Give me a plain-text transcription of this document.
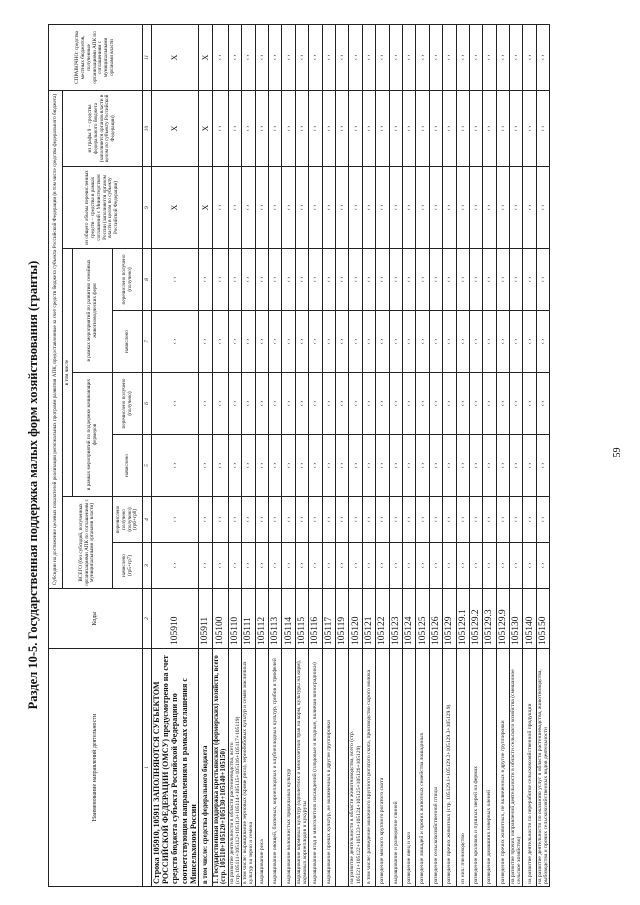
59
Раздел 10-5. Государственная поддержка малых форм хозяйствования (гранты)
Наименование направлений деятельности	Коды	Субсидии на достижение целевых показателей реализации региональных программ развития АПК, предоставленные за счет средств бюджета субъекта Российской Федерации (в том числе средства федерального бюджета)								СПРАВОЧНО: средства местных бюджетов, полученные организациями АПК по соглашениям с муниципальными органами власти
		ВСЕГО (без субсидий, полученных организациями АПК по соглашениям с муниципальными органами власти)		в том числе				из общего объема перечисленных средств – средства в рамках соглашений с Министерством России (заполняется органом власти в целом по субъекту Российской Федерации)	из графы 9 – средства федерального бюджета (заполняется органом власти в целом по субъекту Российской Федерации)	
				в рамках мероприятий по поддержке начинающих фермеров		в рамках мероприятий по развитию семейных животноводческих ферм				
		начислено (гр5+гр7)	перечислено получено (получено) (гр6+гр8)	начислено	перечислено получено (получено)	начислено	перечислено получено (получено)			
1	2	3	4	5	6	7	8	9	10	11
Строка 105910, 105911 ЗАПОЛНЯЮТСЯ СУБЪЕКТОМ РОССИЙСКОЙ ФЕДЕРАЦИИ (ОМСУ) предусмотрено на счет средств бюджета субъекта Российской Федерации по соответствующим направлениям в рамках соглашения с Минсельхозом России	105910	‹ ›	‹ ›	‹ ›	‹ ›	‹ ›	‹ ›	X	X	X
в том числе: средства федерального бюджета	105911	‹ ›	‹ ›	‹ ›	‹ ›	‹ ›	‹ ›	X	X	X
1. Государственная поддержка крестьянских (фермерских) хозяйств, всего (стр. 105110+105120+105130+105140+105150)	105100	‹ ›	‹ ›	‹ ›	‹ ›	‹ ›	‹ ›	‹ ›	‹ ›	‹ ›
на развитие деятельности в области растениеводства, всего (стр.105111+105112+105113+105114+105115+105116+105117+105119)	105110	‹ ›	‹ ›	‹ ›	‹ ›	‹ ›	‹ ›	‹ ›	‹ ›	‹ ›
в том числе: выращивание зерновых (кроме риса), зернобобовых культур и семян масличных культур на зерно и семена	105111	‹ ›	‹ ›	‹ ›	‹ ›	‹ ›	‹ ›	‹ ›	‹ ›	‹ ›
выращивание риса	105112	‹ ›	‹ ›	‹ ›	‹ ›	‹ ›	‹ ›	‹ ›	‹ ›	‹ ›
выращивание овощей, бахчевых, корнеплодных и клубнеплодных культур, грибов и трюфелей	105113	‹ ›	‹ ›	‹ ›	‹ ›	‹ ›	‹ ›	‹ ›	‹ ›	‹ ›
выращивание волокнистых прядильных культур	105114	‹ ›	‹ ›	‹ ›	‹ ›	‹ ›	‹ ›	‹ ›	‹ ›	‹ ›
выращивание кормовых культур (однолетних и многолетних трав на корм, культуры на корм), кормовых корнеплодов и кукурузы	105115	‹ ›	‹ ›	‹ ›	‹ ›	‹ ›	‹ ›	‹ ›	‹ ›	‹ ›
выращивание ягод и многолетних насаждений (плодовые и ягодные, включая виноградники)	105116	‹ ›	‹ ›	‹ ›	‹ ›	‹ ›	‹ ›	‹ ›	‹ ›	‹ ›
выращивание прочих культур, не включенных в другие группировки	105117	‹ ›	‹ ›	‹ ›	‹ ›	‹ ›	‹ ›	‹ ›	‹ ›	‹ ›
	105119	‹ ›	‹ ›	‹ ›	‹ ›	‹ ›	‹ ›	‹ ›	‹ ›	‹ ›
на развитие деятельности в области животноводства, всего (стр. 105121+105122+105123+105124+105125+105126+105129)	105120	‹ ›	‹ ›	‹ ›	‹ ›	‹ ›	‹ ›	‹ ›	‹ ›	‹ ›
в том числе: разведение молочного крупного рогатого скота, производство сырого молока	105121	‹ ›	‹ ›	‹ ›	‹ ›	‹ ›	‹ ›	‹ ›	‹ ›	‹ ›
разведение мясного крупного рогатого скота	105122	‹ ›	‹ ›	‹ ›	‹ ›	‹ ›	‹ ›	‹ ›	‹ ›	‹ ›
выращивание и разведение свиней	105123	‹ ›	‹ ›	‹ ›	‹ ›	‹ ›	‹ ›	‹ ›	‹ ›	‹ ›
разведение овец и коз	105124	‹ ›	‹ ›	‹ ›	‹ ›	‹ ›	‹ ›	‹ ›	‹ ›	‹ ›
разведение лошадей и прочих животных семейства лошадиных	105125	‹ ›	‹ ›	‹ ›	‹ ›	‹ ›	‹ ›	‹ ›	‹ ›	‹ ›
разведение сельскохозяйственной птицы	105126	‹ ›	‹ ›	‹ ›	‹ ›	‹ ›	‹ ›	‹ ›	‹ ›	‹ ›
разведение прочих животных (стр. 105129.1+105129.2+105129.3+105129.9)	105129	‹ ›	‹ ›	‹ ›	‹ ›	‹ ›	‹ ›	‹ ›	‹ ›	‹ ›
из них: пчеловодство	105129.1	‹ ›	‹ ›	‹ ›	‹ ›	‹ ›	‹ ›	‹ ›	‹ ›	‹ ›
разведение кроликов и пушных зверей на фермах	105129.2	‹ ›	‹ ›	‹ ›	‹ ›	‹ ›	‹ ›	‹ ›	‹ ›	‹ ›
разведение домашних северных оленей	105129.3	‹ ›	‹ ›	‹ ›	‹ ›	‹ ›	‹ ›	‹ ›	‹ ›	‹ ›
разведение прочих животных, не включенных в другие группировки	105129.9	‹ ›	‹ ›	‹ ›	‹ ›	‹ ›	‹ ›	‹ ›	‹ ›	‹ ›
на развитие прочих направлений деятельности в области сельского хозяйства (смешанное сельское хозяйство)	105130	‹ ›	‹ ›	‹ ›	‹ ›	‹ ›	‹ ›	‹ ›	‹ ›	‹ ›
на развитие деятельности по переработке сельскохозяйственной продукции	105140	‹ ›	‹ ›	‹ ›	‹ ›	‹ ›	‹ ›	‹ ›	‹ ›	‹ ›
на развитие деятельности по оказанию услуг в области растениеводства, животноводства, рыбоводства и прочих сельскохозяйственных видов деятельности	105150	‹ ›	‹ ›	‹ ›	‹ ›	‹ ›	‹ ›	‹ ›	‹ ›	‹ ›
